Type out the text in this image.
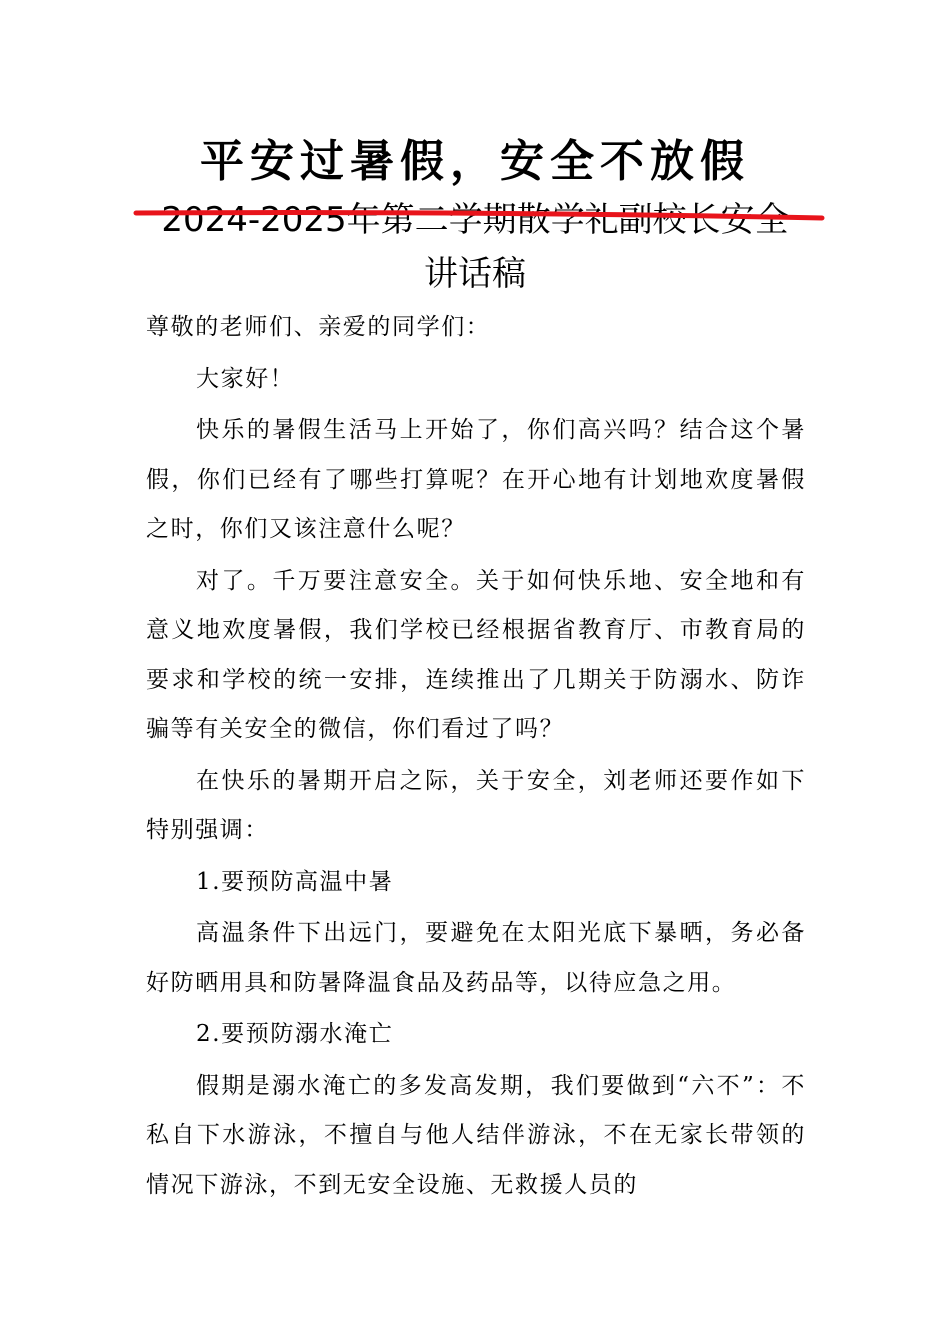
平安过暑假，安全不放假
2024-2025年第二学期散学礼副校长安全
讲话稿

尊敬的老师们、亲爱的同学们：

大家好！

快乐的暑假生活马上开始了，你们高兴吗？结合这个暑假，你们已经有了哪些打算呢？在开心地有计划地欢度暑假之时，你们又该注意什么呢？

对了。千万要注意安全。关于如何快乐地、安全地和有意义地欢度暑假，我们学校已经根据省教育厅、市教育局的要求和学校的统一安排，连续推出了几期关于防溺水、防诈骗等有关安全的微信，你们看过了吗？

在快乐的暑期开启之际，关于安全，刘老师还要作如下特别强调：

1.要预防高温中暑

高温条件下出远门，要避免在太阳光底下暴晒，务必备好防晒用具和防暑降温食品及药品等，以待应急之用。

2.要预防溺水淹亡

假期是溺水淹亡的多发高发期，我们要做到“六不”：不私自下水游泳，不擅自与他人结伴游泳，不在无家长带领的情况下游泳，不到无安全设施、无救援人员的
